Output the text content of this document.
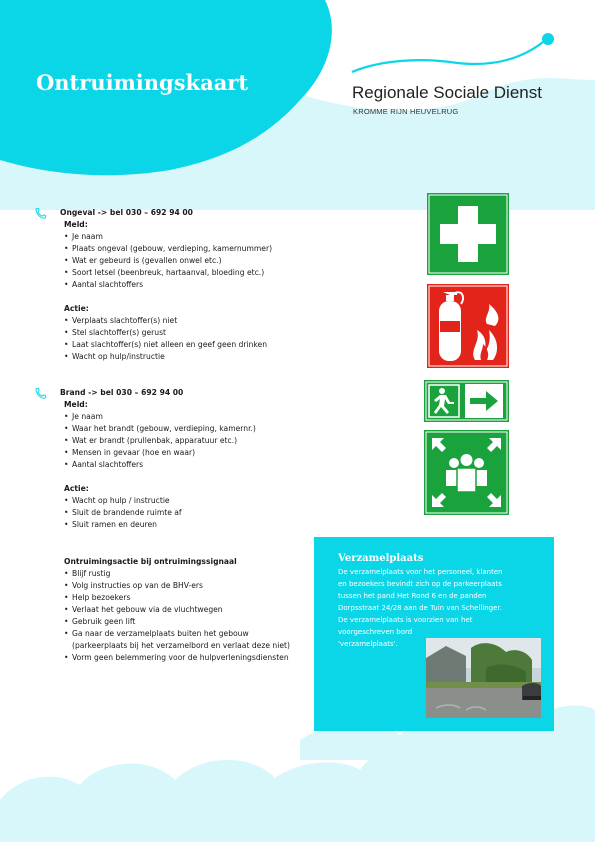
Ontruimingskaart	Regionale Sociale Dienst
KROMME RIJN HEUVELRUG
Ongeval -> bel 030 – 692 94 00
Meld:
• Je naam
• Plaats ongeval (gebouw, verdieping, kamernummer)
• Wat er gebeurd is (gevallen onwel etc.)
• Soort letsel (beenbreuk, hartaanval, bloeding etc.)
• Aantal slachtoffers
Actie:
• Verplaats slachtoffer(s) niet
• Stel slachtoffer(s) gerust
• Laat slachtoffer(s) niet alleen en geef geen drinken
• Wacht op hulp/instructie
Brand -> bel 030 – 692 94 00
Meld:
• Je naam
• Waar het brandt (gebouw, verdieping, kamernr.)
• Wat er brandt (prullenbak, apparatuur etc.)
• Mensen in gevaar (hoe en waar)
• Aantal slachtoffers
Actie:
• Wacht op hulp / instructie
• Sluit de brandende ruimte af
• Sluit ramen en deuren
Ontruimingsactie bij ontruimingssignaal
• Blijf rustig
• Volg instructies op van de BHV-ers
• Help bezoekers
• Verlaat het gebouw via de vluchtwegen
• Gebruik geen lift
• Ga naar de verzamelplaats buiten het gebouw
(parkeerplaats bij het verzamelbord en verlaat deze niet)
• Vorm geen belemmering voor de hulpverleningsdiensten
Verzamelplaats
De verzamelplaats voor het personeel, klanten
en bezoekers bevindt zich op de parkeerplaats
tussen het pand Het Rond 6 en de panden
Dorpsstraat 24/28 aan de Tuin van Schellinger.
De verzamelplaats is voorzien van het
voorgeschreven bord
'verzamelplaats'.
